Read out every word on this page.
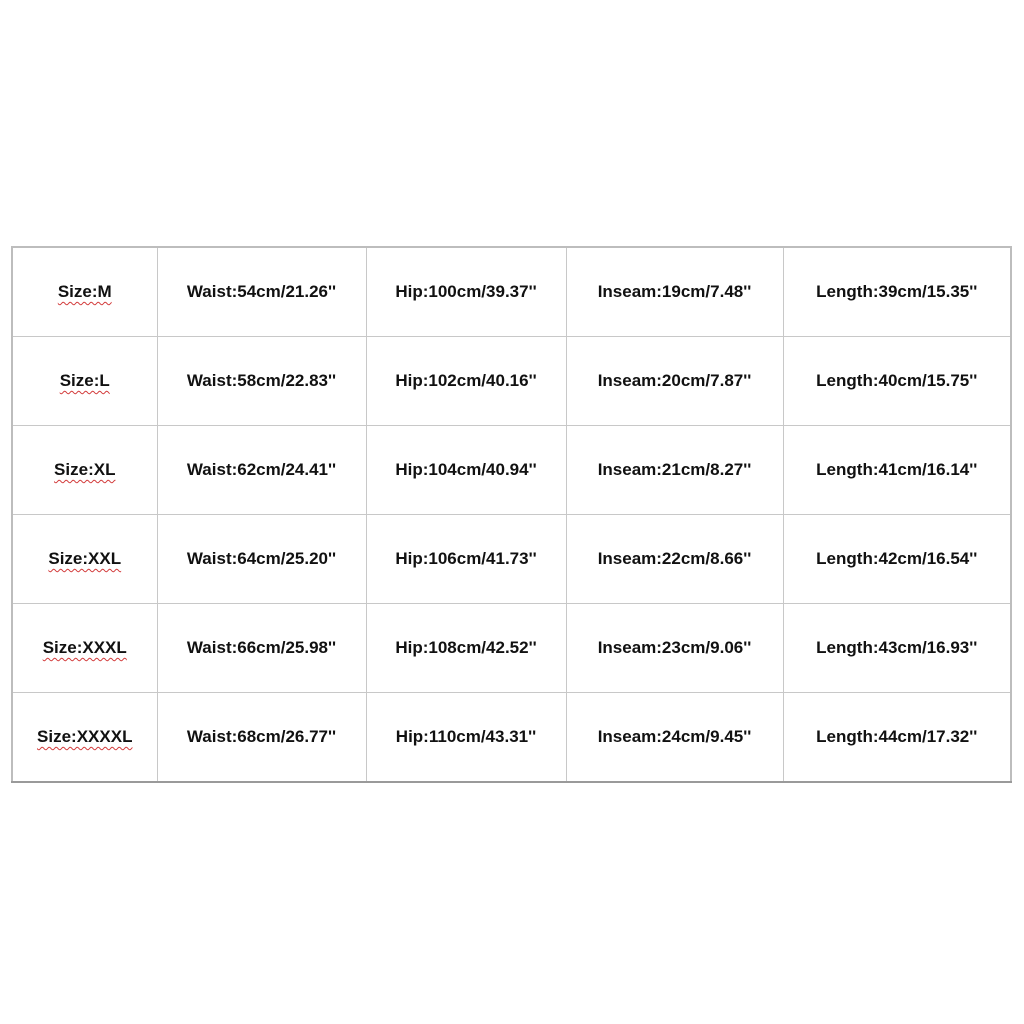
Size:M	Waist:54cm/21.26''	Hip:100cm/39.37''	Inseam:19cm/7.48''	Length:39cm/15.35''
Size:L	Waist:58cm/22.83''	Hip:102cm/40.16''	Inseam:20cm/7.87''	Length:40cm/15.75''
Size:XL	Waist:62cm/24.41''	Hip:104cm/40.94''	Inseam:21cm/8.27''	Length:41cm/16.14''
Size:XXL	Waist:64cm/25.20''	Hip:106cm/41.73''	Inseam:22cm/8.66''	Length:42cm/16.54''
Size:XXXL	Waist:66cm/25.98''	Hip:108cm/42.52''	Inseam:23cm/9.06''	Length:43cm/16.93''
Size:XXXXL	Waist:68cm/26.77''	Hip:110cm/43.31''	Inseam:24cm/9.45''	Length:44cm/17.32''
